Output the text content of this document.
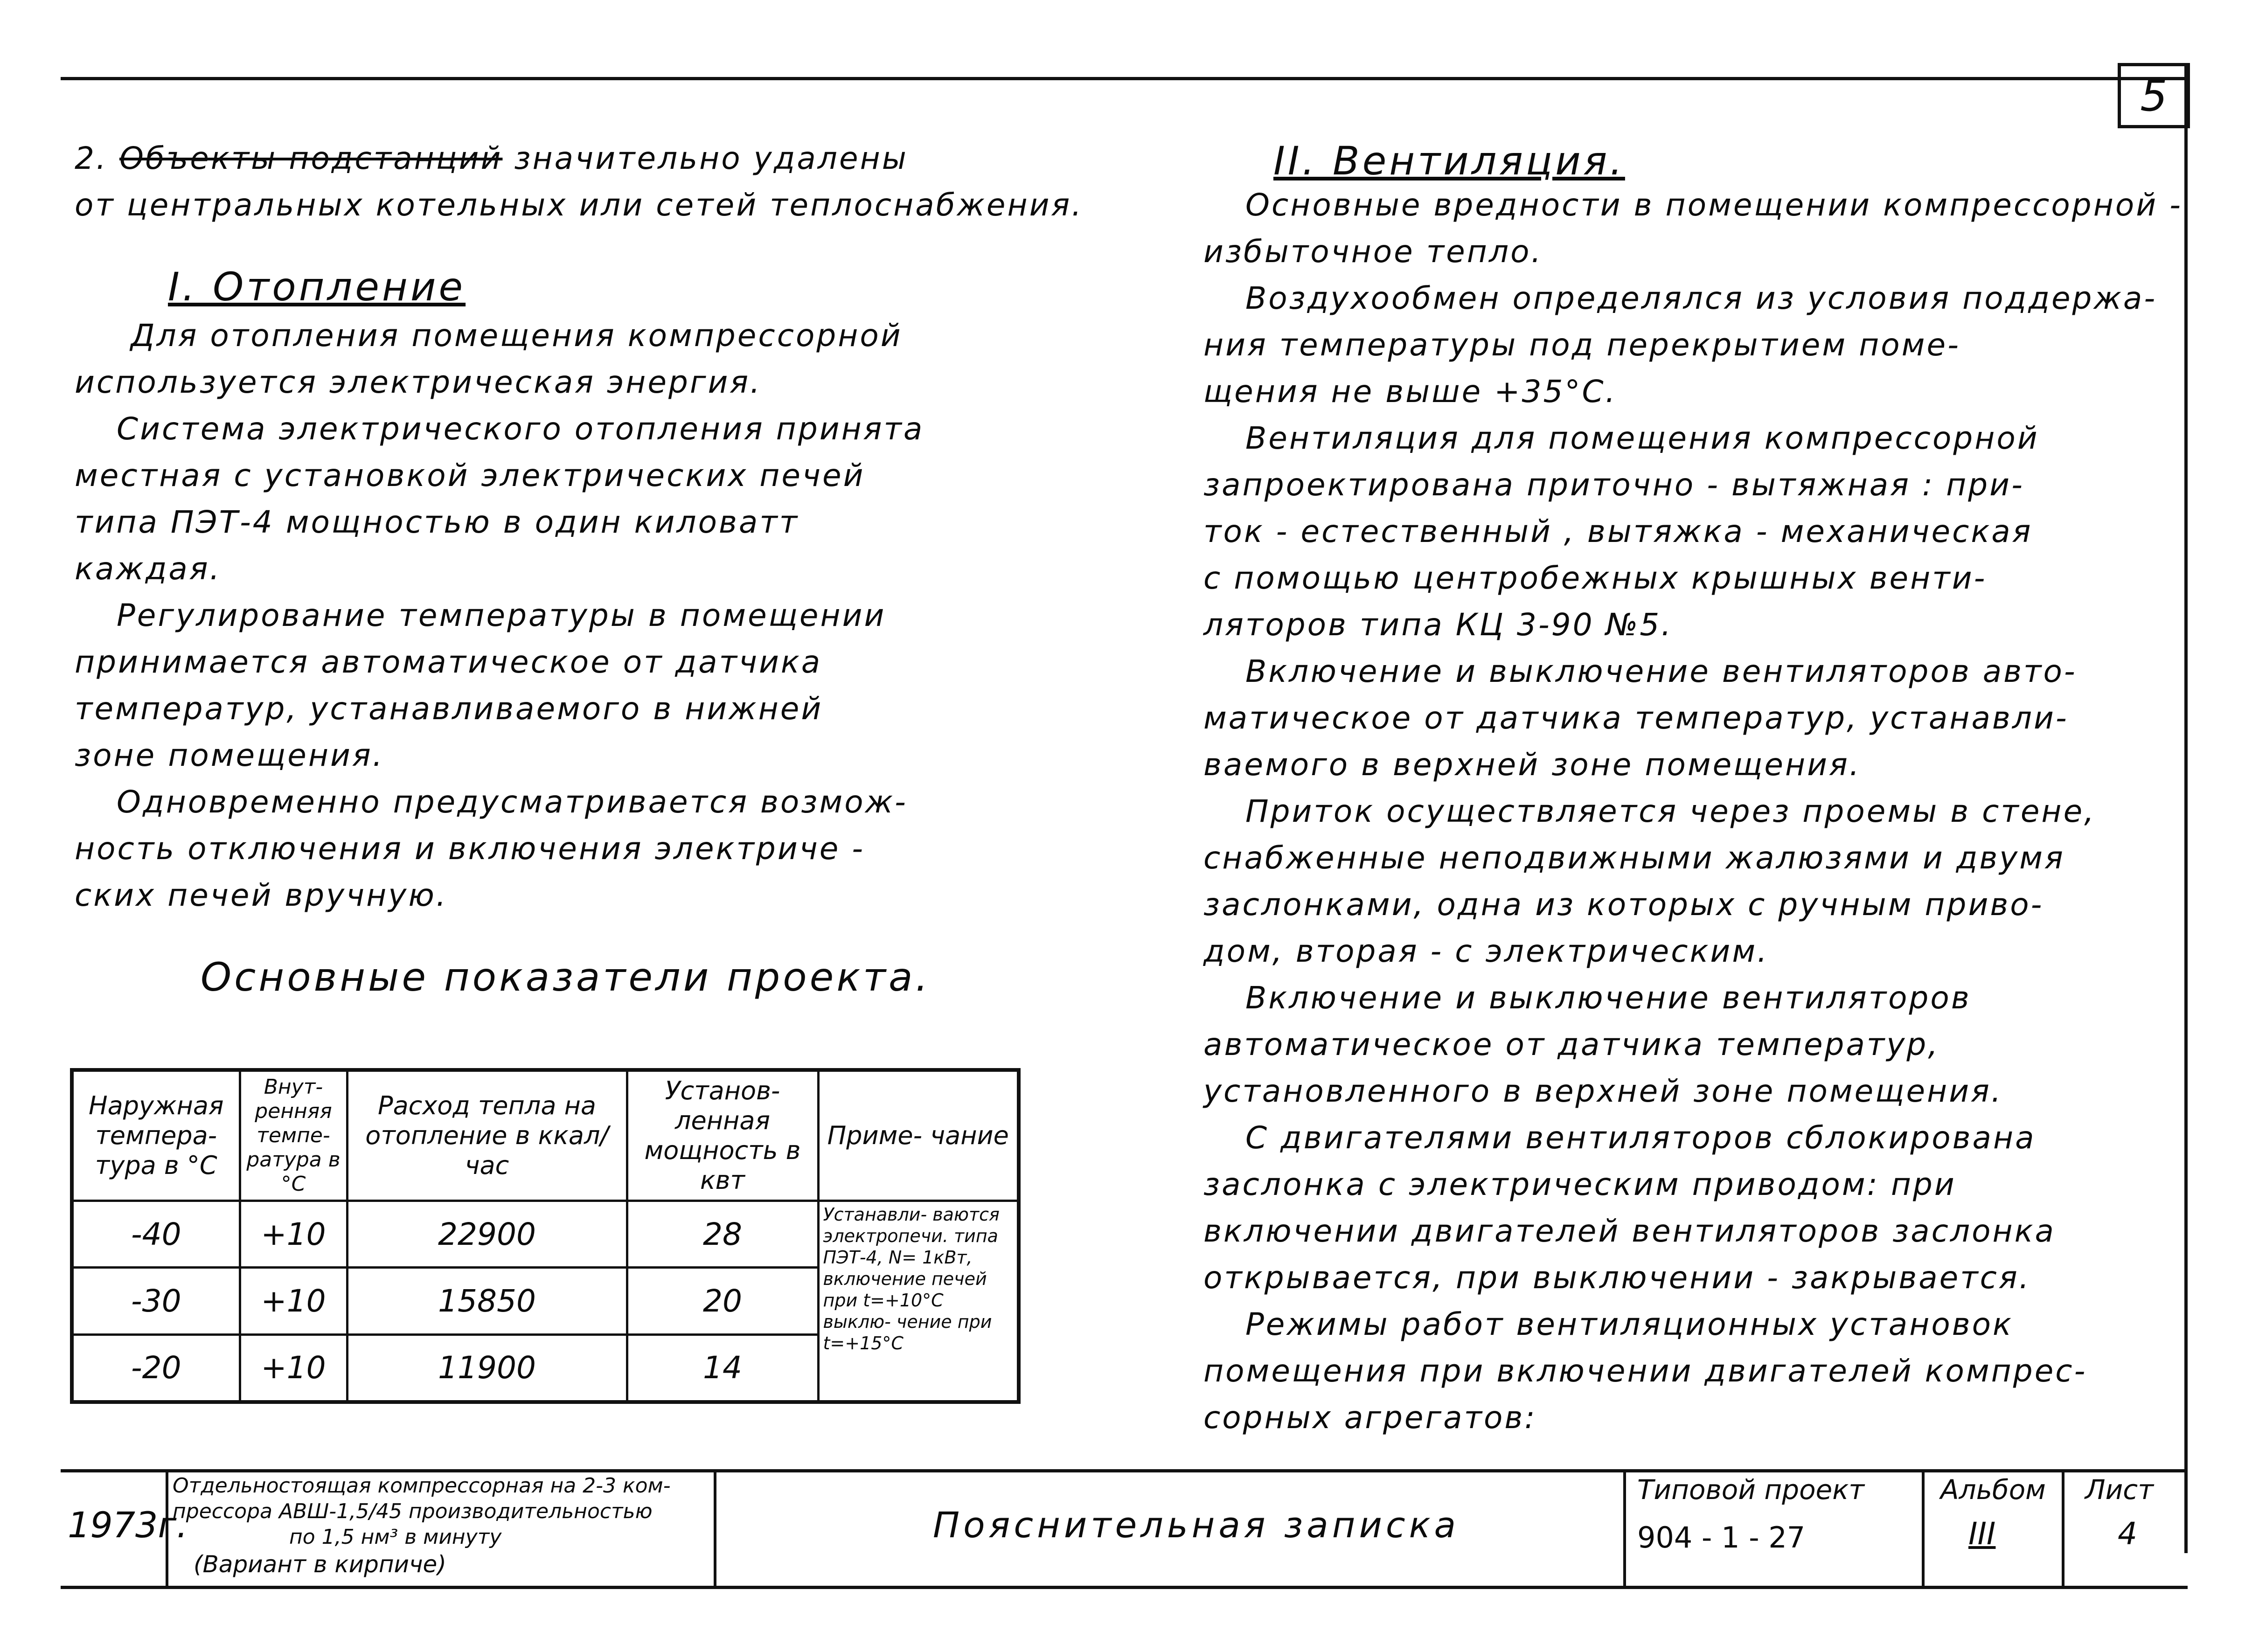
5
2. Объекты подстанций значительно удалены
от центральных котельных или сетей теплоснабжения.
I. Отопление
Для отопления помещения компрессорной
используется электрическая энергия.
Система электрического отопления принята
местная с установкой электрических печей
типа ПЭТ-4 мощностью в один киловатт
каждая.
Регулирование температуры в помещении
принимается автоматическое от датчика
температур, устанавливаемого в нижней
зоне помещения.
Одновременно предусматривается возмож-
ность отключения и включения электриче -
ских печей вручную.
Основные показатели проекта.
Наружная темпера- тура в °С	Внут- ренняя темпе- ратура в °С	Расход тепла на отопление в ккал/час	Установ- ленная мощность в квт	Приме- чание
-40	+10	22900	28	Устанавли- ваются электропечи. типа ПЭТ-4, N= 1кВт, включение печей при t=+10°С выклю- чение при t=+15°С
-30	+10	15850	20	
-20	+10	11900	14	
II. Вентиляция.
Основные вредности в помещении компрессорной -
избыточное тепло.
Воздухообмен определялся из условия поддержа-
ния температуры под перекрытием поме-
щения не выше +35°С.
Вентиляция для помещения компрессорной
запроектирована приточно - вытяжная : при-
ток - естественный , вытяжка - механическая
с помощью центробежных крышных венти-
ляторов типа КЦ 3-90 №5.
Включение и выключение вентиляторов авто-
матическое от датчика температур, устанавли-
ваемого в верхней зоне помещения.
Приток осуществляется через проемы в стене,
снабженные неподвижными жалюзями и двумя
заслонками, одна из которых с ручным приво-
дом, вторая - с электрическим.
Включение и выключение вентиляторов
автоматическое от датчика температур,
установленного в верхней зоне помещения.
С двигателями вентиляторов сблокирована
заслонка с электрическим приводом: при
включении двигателей вентиляторов заслонка
открывается, при выключении - закрывается.
Режимы работ вентиляционных установок
помещения при включении двигателей компрес-
сорных агрегатов:
1973г.
Отдельностоящая компрессорная на 2-3 ком-
прессора АВШ-1,5/45 производительностью
по 1,5 нм³ в минуту
(Вариант в кирпиче)
Пояснительная записка
Типовой проект
904 - 1 - 27
Альбом
III
Лист
4
